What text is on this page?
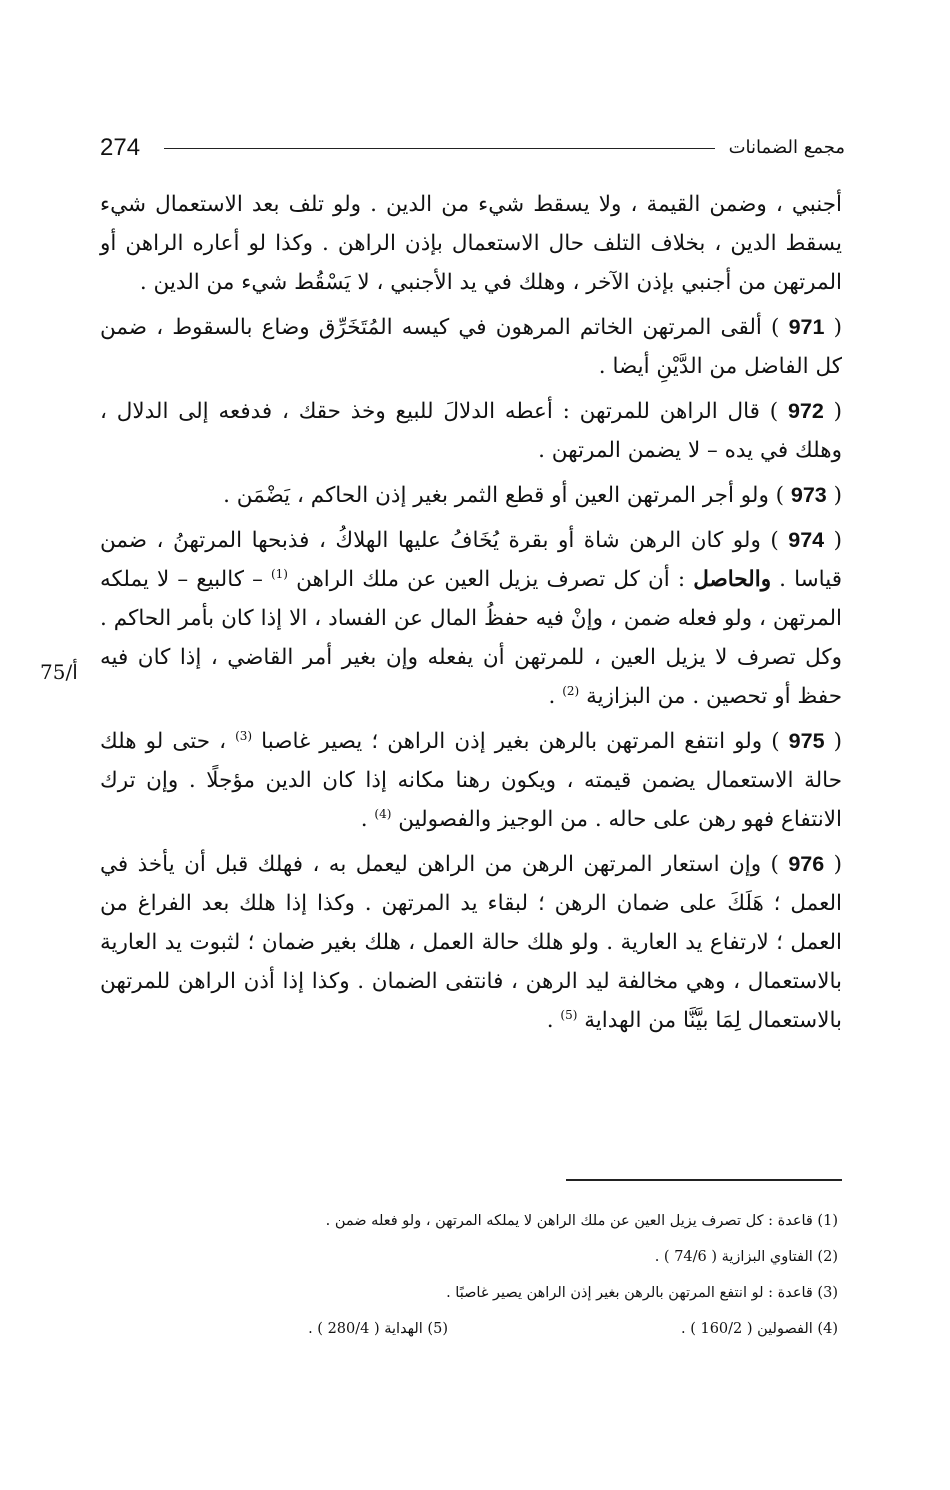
274	مجمع الضمانات
75/أ

أجنبي ، وضمن القيمة ، ولا يسقط شيء من الدين . ولو تلف بعد الاستعمال شيء يسقط الدين ، بخلاف التلف حال الاستعمال بإذن الراهن . وكذا لو أعاره الراهن أو المرتهن من أجنبي بإذن الآخر ، وهلك في يد الأجنبي ، لا يَسْقُط شيء من الدين .

( 971 ) ألقى المرتهن الخاتم المرهون في كيسه المُتَخَرِّق وضاع بالسقوط ، ضمن كل الفاضل من الدَّيْنِ أيضا .

( 972 ) قال الراهن للمرتهن : أعطه الدلالَ للبيع وخذ حقك ، فدفعه إلى الدلال ، وهلك في يده – لا يضمن المرتهن .

( 973 ) ولو أجر المرتهن العين أو قطع الثمر بغير إذن الحاكم ، يَضْمَن .

( 974 ) ولو كان الرهن شاة أو بقرة يُخَافُ عليها الهلاكُ ، فذبحها المرتهنُ ، ضمن قياسا . والحاصل : أن كل تصرف يزيل العين عن ملك الراهن $^{(1)}$ – كالبيع – لا يملكه المرتهن ، ولو فعله ضمن ، وإنْ فيه حفظُ المال عن الفساد ، الا إذا كان بأمر الحاكم . وكل تصرف لا يزيل العين ، للمرتهن أن يفعله وإن بغير أمر القاضي ، إذا كان فيه حفظ أو تحصين . من البزازية $^{(2)}$ .

( 975 ) ولو انتفع المرتهن بالرهن بغير إذن الراهن ؛ يصير غاصبا $^{(3)}$ ، حتى لو هلك حالة الاستعمال يضمن قيمته ، ويكون رهنا مكانه إذا كان الدين مؤجلًا . وإن ترك الانتفاع فهو رهن على حاله . من الوجيز والفصولين $^{(4)}$ .

( 976 ) وإن استعار المرتهن الرهن من الراهن ليعمل به ، فهلك قبل أن يأخذ في العمل ؛ هَلَكَ على ضمان الرهن ؛ لبقاء يد المرتهن . وكذا إذا هلك بعد الفراغ من العمل ؛ لارتفاع يد العارية . ولو هلك حالة العمل ، هلك بغير ضمان ؛ لثبوت يد العارية بالاستعمال ، وهي مخالفة ليد الرهن ، فانتفى الضمان . وكذا إذا أذن الراهن للمرتهن بالاستعمال لِمَا بيَّنَّا من الهداية $^{(5)}$ .

(1) قاعدة : كل تصرف يزيل العين عن ملك الراهن لا يملكه المرتهن ، ولو فعله ضمن .
(2) الفتاوي البزازية ( 74/6 ) .
(3) قاعدة : لو انتفع المرتهن بالرهن بغير إذن الراهن يصير غاصبًا .
(4) الفصولين ( 160/2 ) .
(5) الهداية ( 280/4 ) .
